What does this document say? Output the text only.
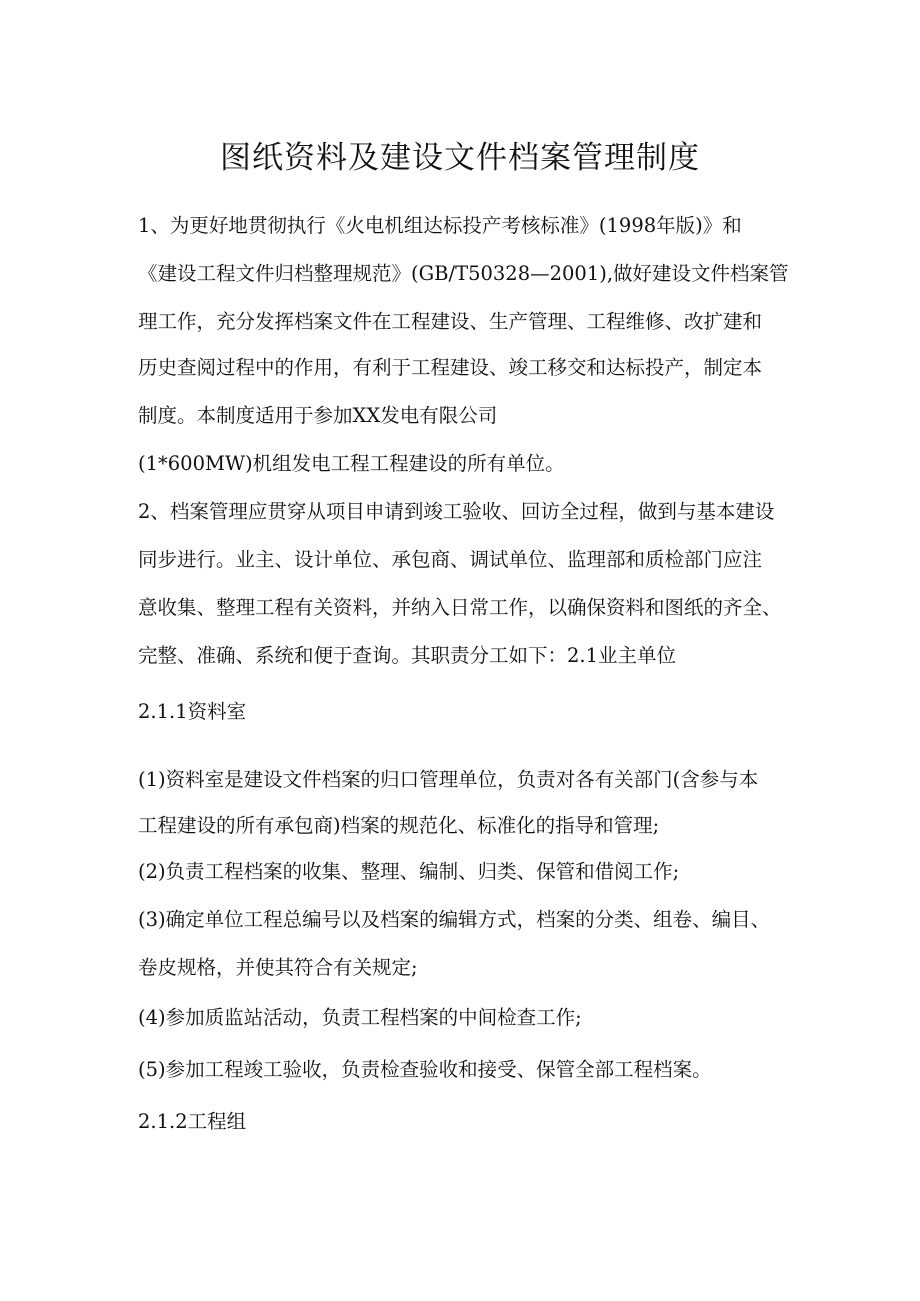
图纸资料及建设文件档案管理制度
1、为更好地贯彻执行《火电机组达标投产考核标准》(1998年版)》和
《建设工程文件归档整理规范》(GB/T50328—2001),做好建设文件档案管
理工作，充分发挥档案文件在工程建设、生产管理、工程维修、改扩建和
历史查阅过程中的作用，有利于工程建设、竣工移交和达标投产，制定本
制度。本制度适用于参加XX发电有限公司
(1*600MW)机组发电工程工程建设的所有单位。
2、档案管理应贯穿从项目申请到竣工验收、回访全过程，做到与基本建设
同步进行。业主、设计单位、承包商、调试单位、监理部和质检部门应注
意收集、整理工程有关资料，并纳入日常工作，以确保资料和图纸的齐全、
完整、准确、系统和便于查询。其职责分工如下：2.1业主单位
2.1.1资料室
(1)资料室是建设文件档案的归口管理单位，负责对各有关部门(含参与本
工程建设的所有承包商)档案的规范化、标准化的指导和管理;
(2)负责工程档案的收集、整理、编制、归类、保管和借阅工作;
(3)确定单位工程总编号以及档案的编辑方式，档案的分类、组卷、编目、
卷皮规格，并使其符合有关规定;
(4)参加质监站活动，负责工程档案的中间检查工作;
(5)参加工程竣工验收，负责检查验收和接受、保管全部工程档案。
2.1.2工程组
